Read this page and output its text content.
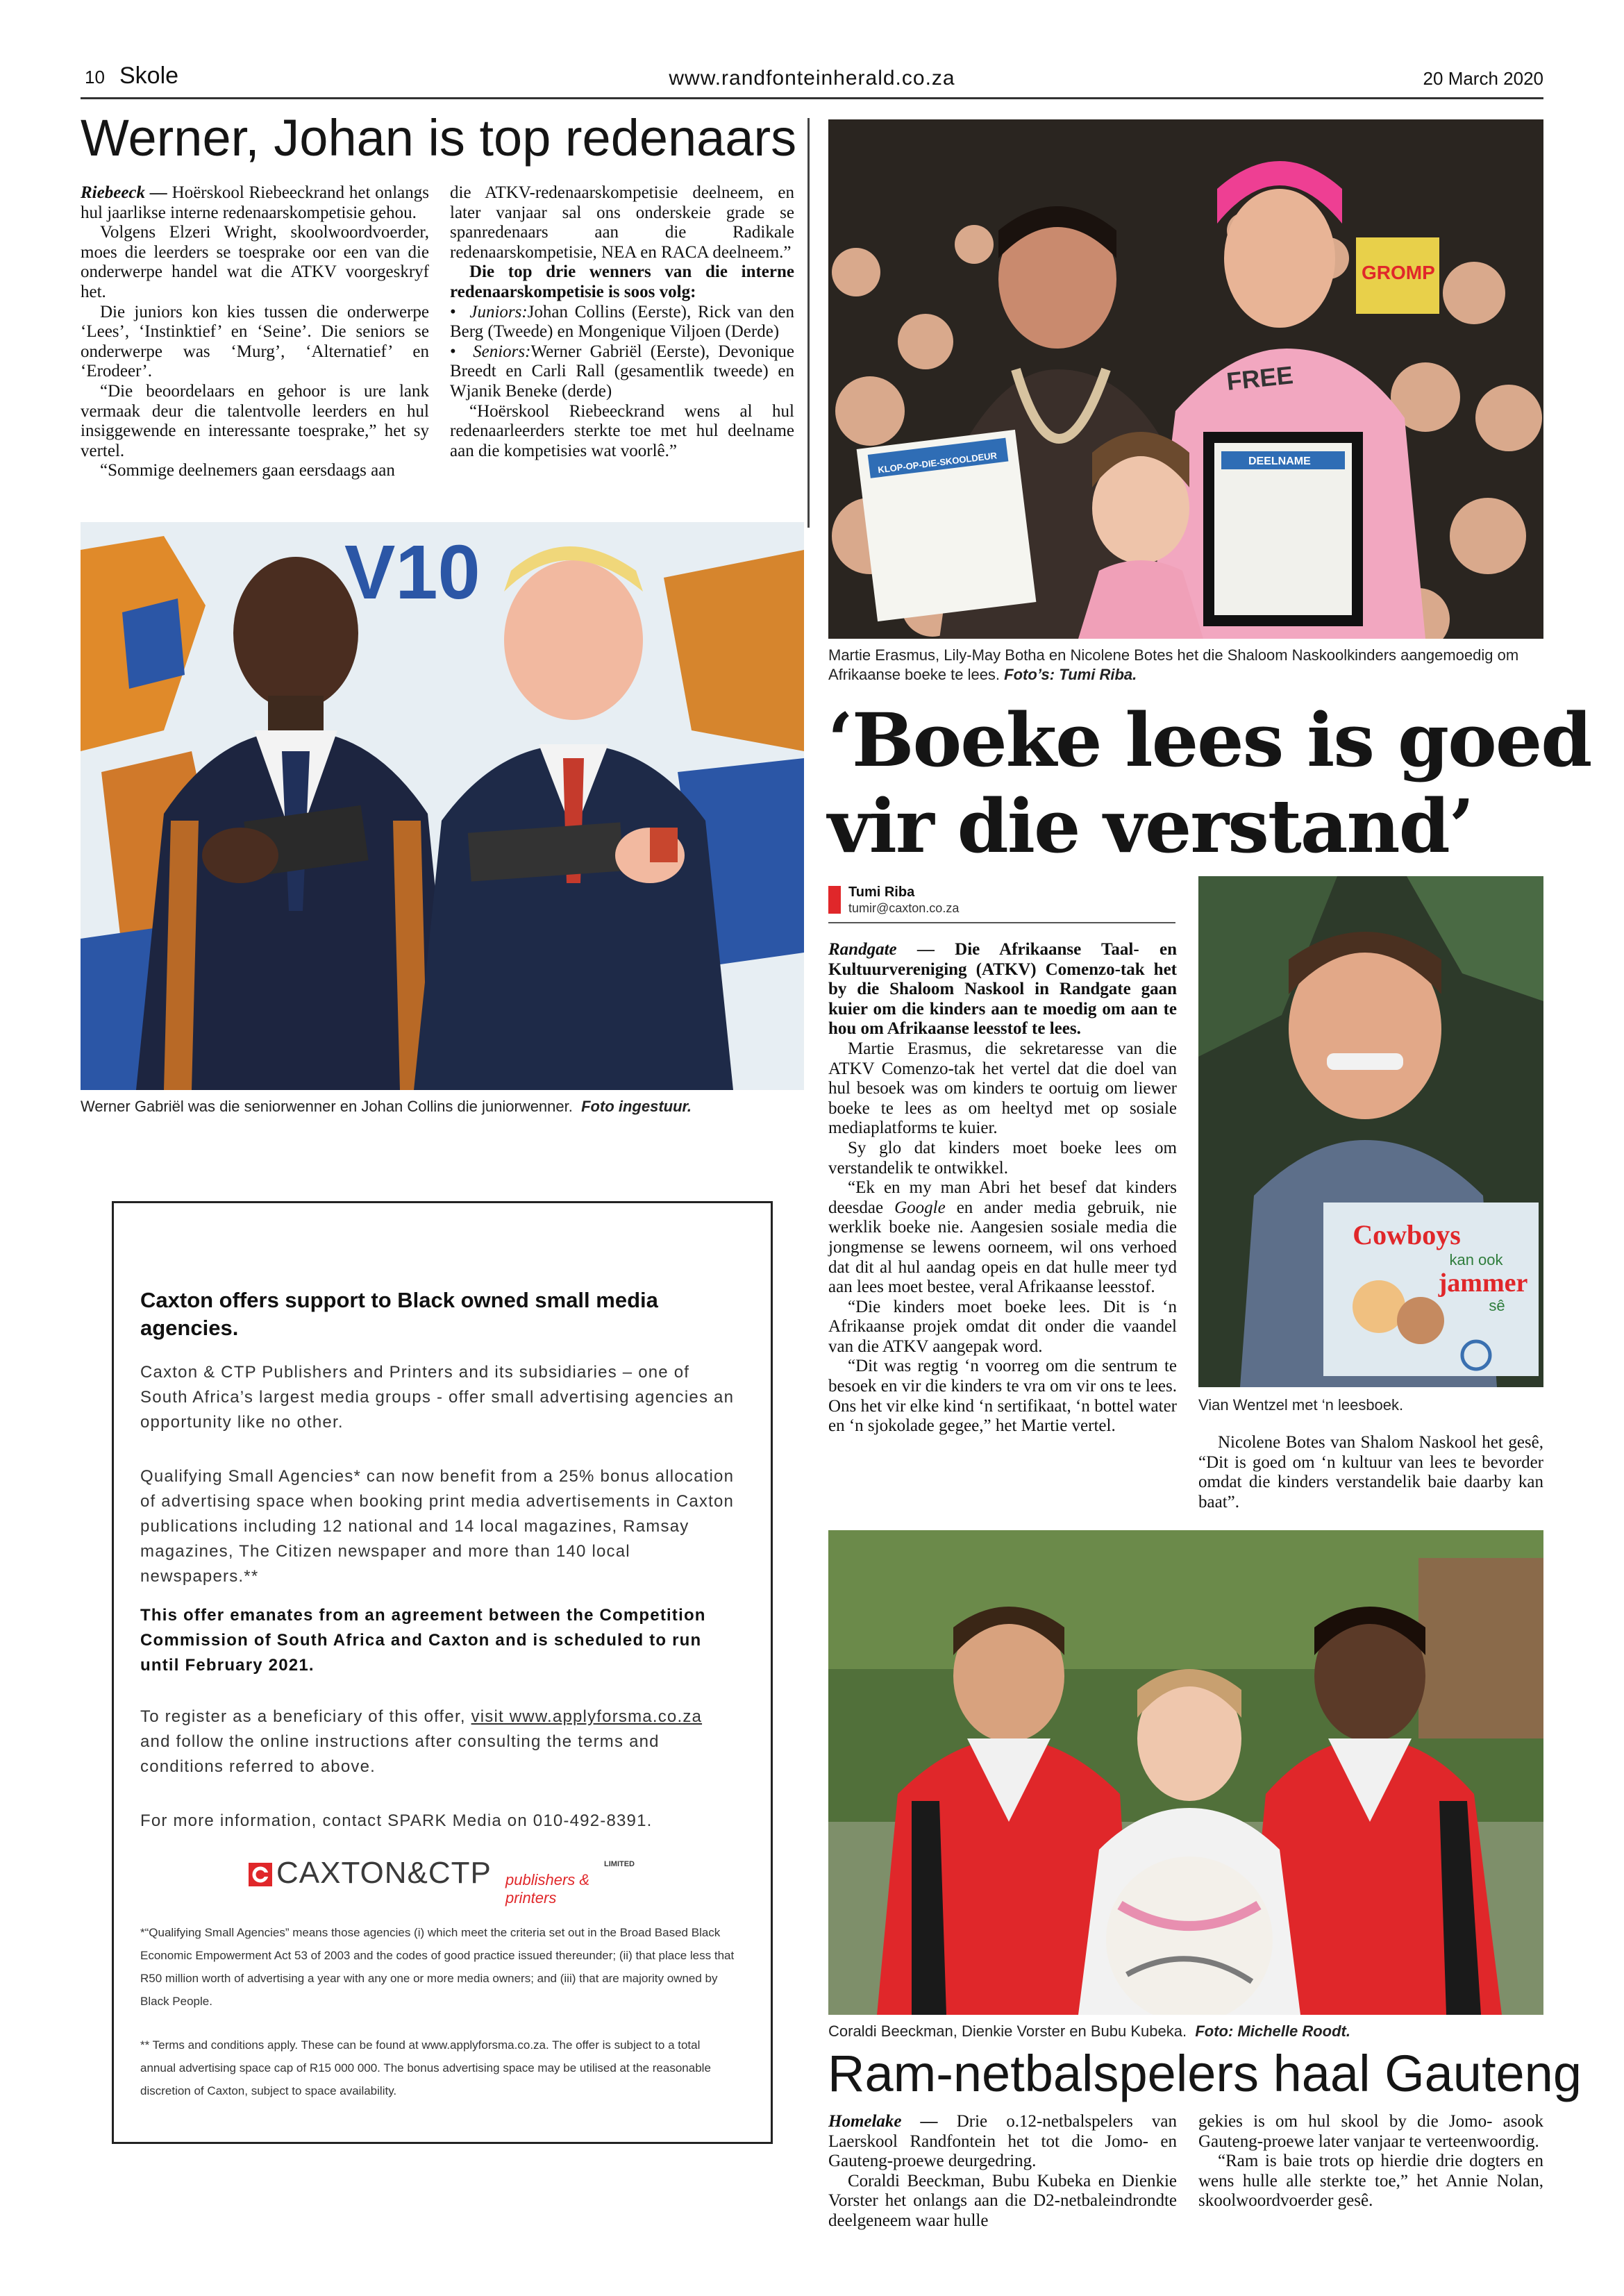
10 Skole	www.randfonteinherald.co.za	20 March 2020
Werner, Johan is top redenaars

Riebeeck — Hoërskool Riebeeckrand het onlangs hul jaarlikse interne redenaarskompetisie gehou.

Volgens Elzeri Wright, skoolwoordvoerder, moes die leerders se toesprake oor een van die onderwerpe handel wat die ATKV voorgeskryf het.

Die juniors kon kies tussen die onderwerpe ‘Lees’, ‘Instinktief’ en ‘Seine’. Die seniors se onderwerpe was ‘Murg’, ‘Alternatief’ en ‘Erodeer’.

“Die beoordelaars en gehoor is ure lank vermaak deur die talentvolle leerders en hul insiggewende en interessante toesprake,” het sy vertel.

“Sommige deelnemers gaan eersdaags aan

die ATKV-redenaarskompetisie deelneem, en later vanjaar sal ons onderskeie grade se spanredenaars aan die Radikale redenaarskompetisie, NEA en RACA deelneem.”

Die top drie wenners van die interne redenaarskompetisie is soos volg:

•  Juniors:Johan Collins (Eerste), Rick van den Berg (Tweede) en Mongenique Viljoen (Derde)

•  Seniors:Werner Gabriël (Eerste), Devonique Breedt en Carli Rall (gesamentlik tweede) en Wjanik Beneke (derde)

“Hoërskool Riebeeckrand wens al hul redenaarleerders sterkte toe met hul deelname aan die kompetisies wat voorlê.”

V10
Werner Gabriël was die seniorwenner en Johan Collins die juniorwenner. Foto ingestuur.
Caxton offers support to Black owned small media agencies.
Caxton & CTP Publishers and Printers and its subsidiaries – one of South Africa’s largest media groups - offer small advertising agencies an opportunity like no other.
Qualifying Small Agencies* can now benefit from a 25% bonus allocation of advertising space when booking print media advertisements in Caxton publications including 12 national and 14 local magazines, Ramsay magazines, The Citizen newspaper and more than 140 local newspapers.**
This offer emanates from an agreement between the Competition Commission of South Africa and Caxton and is scheduled to run until February 2021.
To register as a beneficiary of this offer, visit www.applyforsma.co.za and follow the online instructions after consulting the terms and conditions referred to above.
For more information, contact SPARK Media on 010-492-8391.
CAXTON&CTP	LIMITED
publishers & printers
*“Qualifying Small Agencies” means those agencies (i) which meet the criteria set out in the Broad Based Black Economic Empowerment Act 53 of 2003 and the codes of good practice issued thereunder; (ii) that place less that R50 million worth of advertising a year with any one or more media owners; and (iii) that are majority owned by Black People.
** Terms and conditions apply. These can be found at www.applyforsma.co.za. The offer is subject to a total annual advertising space cap of R15 000 000. The bonus advertising space may be utilised at the reasonable discretion of Caxton, subject to space availability.
FREE
GROMP
KLOP-OP-DIE-SKOOLDEUR	DEELNAME
Martie Erasmus, Lily-May Botha en Nicolene Botes het die Shaloom Naskoolkinders aangemoedig om Afrikaanse boeke te lees. Foto’s: Tumi Riba.
‘Boeke lees is goed
vir die verstand’
Tumi Riba
tumir@caxton.co.za

Randgate — Die Afrikaanse Taal- en Kultuurvereniging (ATKV) Comenzo-tak het by die Shaloom Naskool in Randgate gaan kuier om die kinders aan te moedig om aan te hou om Afrikaanse leesstof te lees.

Martie Erasmus, die sekretaresse van die ATKV Comenzo-tak het vertel dat die doel van hul besoek was om kinders te oortuig om liewer boeke te lees as om heeltyd met op sosiale mediaplatforms te kuier.

Sy glo dat kinders moet boeke lees om verstandelik te ontwikkel.

“Ek en my man Abri het besef dat kinders deesdae Google en ander media gebruik, nie werklik boeke nie. Aangesien sosiale media die jongmense se lewens oorneem, wil ons verhoed dat dit al hul aandag opeis en dat hulle meer tyd aan lees moet bestee, veral Afrikaanse leesstof.

“Die kinders moet boeke lees. Dit is ‘n Afrikaanse projek omdat dit onder die vaandel van die ATKV aangepak word.

“Dit was regtig ‘n voorreg om die sentrum te besoek en vir die kinders te vra om vir ons te lees. Ons het vir elke kind ‘n sertifikaat, ‘n bottel water en ‘n sjokolade gegee,” het Martie vertel.

Cowboys
kan ook
jammer
sê
Vian Wentzel met ‘n leesboek.

Nicolene Botes van Shalom Naskool het gesê, “Dit is goed om ‘n kultuur van lees te bevorder omdat die kinders verstandelik baie daarby kan baat”.

Coraldi Beeckman, Dienkie Vorster en Bubu Kubeka. Foto: Michelle Roodt.
Ram-netbalspelers haal Gauteng

Homelake — Drie o.12-netbalspelers van Laerskool Randfontein het tot die Jomo- en Gauteng-proewe deurgedring.

Coraldi Beeckman, Bubu Kubeka en Dienkie Vorster het onlangs aan die D2-netbaleindrondte deelgeneem waar hulle

gekies is om hul skool by die Jomo- asook Gauteng-proewe later vanjaar te verteenwoordig.

“Ram is baie trots op hierdie drie dogters en wens hulle alle sterkte toe,” het Annie Nolan, skoolwoordvoerder gesê.
